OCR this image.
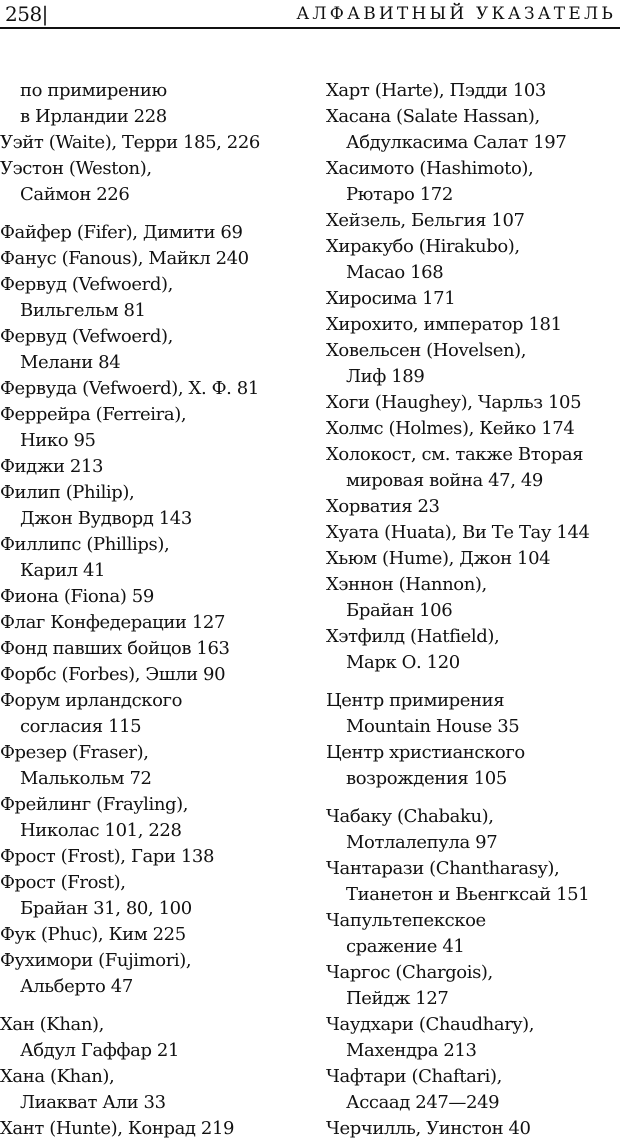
258|	АЛФАВИТНЫЙ УКАЗАТЕЛЬ
по примирению
в Ирландии 228
Уэйт (Waite), Терри 185, 226
Уэстон (Weston),
Саймон 226
Файфер (Fifer), Димити 69
Фанус (Fanous), Майкл 240
Фервуд (Vefwoerd),
Вильгельм 81
Фервуд (Vefwoerd),
Мелани 84
Фервуда (Vefwoerd), Х. Ф. 81
Феррейра (Ferreira),
Нико 95
Фиджи 213
Филип (Philip),
Джон Вудворд 143
Филлипс (Phillips),
Карил 41
Фиона (Fiona) 59
Флаг Конфедерации 127
Фонд павших бойцов 163
Форбс (Forbes), Эшли 90
Форум ирландского
согласия 115
Фрезер (Fraser),
Малькольм 72
Фрейлинг (Frayling),
Николас 101, 228
Фрост (Frost), Гари 138
Фрост (Frost),
Брайан 31, 80, 100
Фук (Phuc), Ким 225
Фухимори (Fujimori),
Альберто 47
Хан (Khan),
Абдул Гаффар 21
Хана (Khan),
Лиакват Али 33
Хант (Hunte), Конрад 219
Харт (Harte), Пэдди 103
Хасана (Salate Hassan),
Абдулкасима Салат 197
Хасимото (Hashimoto),
Рютаро 172
Хейзель, Бельгия 107
Хиракубо (Hirakubo),
Масао 168
Хиросима 171
Хирохито, император 181
Ховельсен (Hovelsen),
Лиф 189
Хоги (Haughey), Чарльз 105
Холмс (Holmes), Кейко 174
Холокост, см. также Вторая
мировая война 47, 49
Хорватия 23
Хуата (Huata), Ви Те Тау 144
Хьюм (Hume), Джон 104
Хэннон (Hannon),
Брайан 106
Хэтфилд (Hatfield),
Марк О. 120
Центр примирения
Mountain House 35
Центр христианского
возрождения 105
Чабаку (Chabaku),
Мотлалепула 97
Чантарази (Chantharasy),
Тианетон и Вьенгксай 151
Чапультепекское
сражение 41
Чаргос (Chargois),
Пейдж 127
Чаудхари (Chaudhary),
Махендра 213
Чафтари (Chaftari),
Ассаад 247—249
Черчилль, Уинстон 40
